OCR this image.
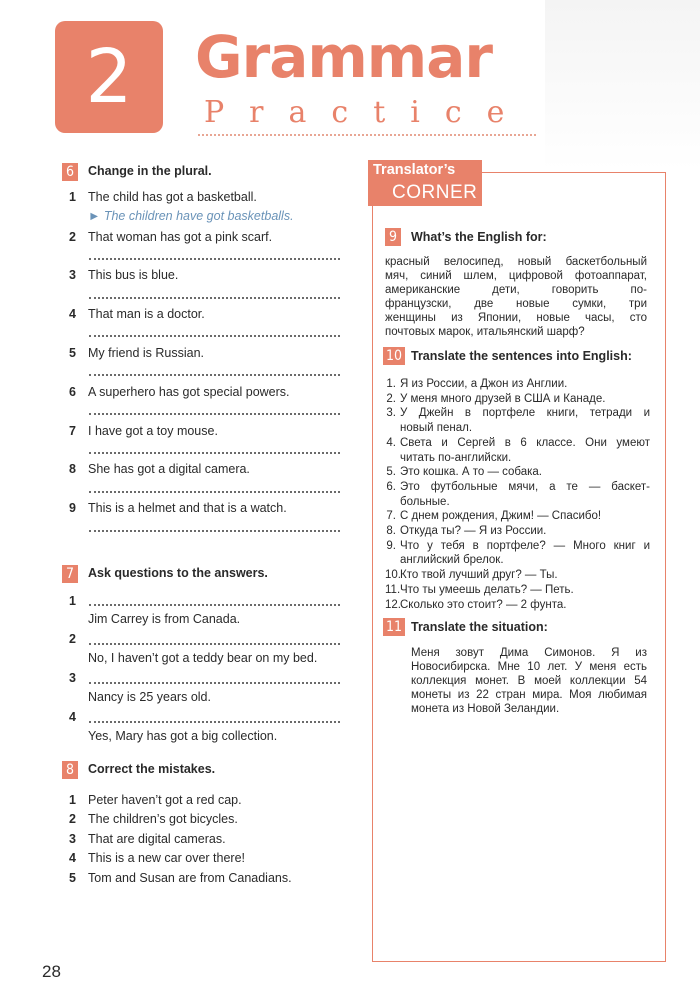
2 Grammar
Practice
6	Change in the plural.
1 The child has got a basketball.
► The children have got basketballs.
2 That woman has got a pink scarf.
3 This bus is blue.
4 That man is a doctor.
5 My friend is Russian.
6 A superhero has got special powers.
7 I have got a toy mouse.
8 She has got a digital camera.
9 This is a helmet and that is a watch.
7	Ask questions to the answers.
1
Jim Carrey is from Canada.
2
No, I haven’t got a teddy bear on my bed.
3
Nancy is 25 years old.
4
Yes, Mary has got a big collection.
8	Correct the mistakes.
1 Peter haven’t got a red cap.
2 The children’s got bicycles.
3 That are digital cameras.
4 This is a new car over there!
5 Tom and Susan are from Canadians.
Translator’s
CORNER
9	What’s the English for:
красный велосипед, новый баскетбольный
мяч, синий шлем, цифровой фотоаппарат,
американские дети, говорить по-
французски, две новые сумки, три
женщины из Японии, новые часы, сто
почтовых марок, итальянский шарф?
10 Translate the sentences into English:
1. Я из России, а Джон из Англии.
2. У меня много друзей в США и Канаде.
3. У Джейн в портфеле книги, тетради и
новый пенал.
4. Света и Сергей в 6 классе. Они умеют
читать по-английски.
5. Это кошка. А то — собака.
6. Это футбольные мячи, а те — баскет-
больные.
7. С днем рождения, Джим! — Спасибо!
8. Откуда ты? — Я из России.
9. Что у тебя в портфеле? — Много книг и
английский брелок.
10. Кто твой лучший друг? — Ты.
11. Что ты умеешь делать? — Петь.
12. Сколько это стоит? — 2 фунта.
11 Translate the situation:
Меня зовут Дима Симонов. Я из
Новосибирска. Мне 10 лет. У меня есть
коллекция монет. В моей коллекции 54
монеты из 22 стран мира. Моя любимая
монета из Новой Зеландии.
28
